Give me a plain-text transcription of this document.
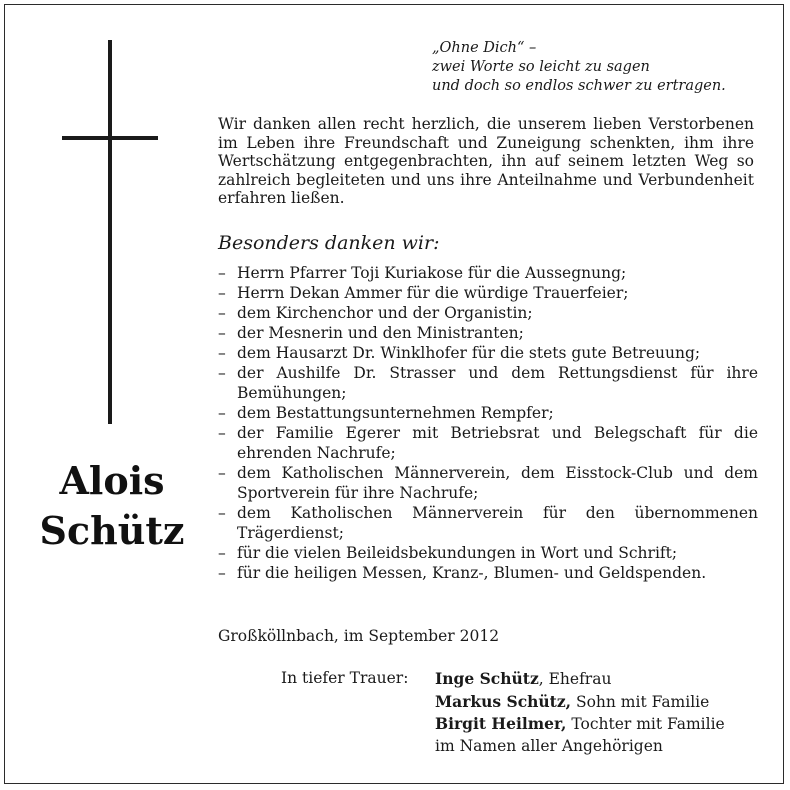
Alois
Schütz
„Ohne Dich“ –
zwei Worte so leicht zu sagen
und doch so endlos schwer zu ertragen.
Wir danken allen recht herzlich, die unserem lieben Verstorbenen im Leben ihre Freundschaft und Zuneigung schenkten, ihm ihre Wertschätzung entgegenbrachten, ihn auf seinem letzten Weg so zahlreich begleiteten und uns ihre Anteilnahme und Verbundenheit erfahren ließen.
Besonders danken wir:
– Herrn Pfarrer Toji Kuriakose für die Aussegnung;
– Herrn Dekan Ammer für die würdige Trauerfeier;
– dem Kirchenchor und der Organistin;
– der Mesnerin und den Ministranten;
– dem Hausarzt Dr. Winklhofer für die stets gute Betreuung;
– der Aushilfe Dr. Strasser und dem Rettungsdienst für ihre Bemühungen;
– dem Bestattungsunternehmen Rempfer;
– der Familie Egerer mit Betriebsrat und Belegschaft für die ehrenden Nachrufe;
– dem Katholischen Männerverein, dem Eisstock-Club und dem Sportverein für ihre Nachrufe;
– dem Katholischen Männerverein für den übernommenen Trägerdienst;
– für die vielen Beileidsbekundungen in Wort und Schrift;
– für die heiligen Messen, Kranz-, Blumen- und Geldspenden.
Großköllnbach, im September 2012
In tiefer Trauer: Inge Schütz, Ehefrau
Markus Schütz, Sohn mit Familie
Birgit Heilmer, Tochter mit Familie
im Namen aller Angehörigen
